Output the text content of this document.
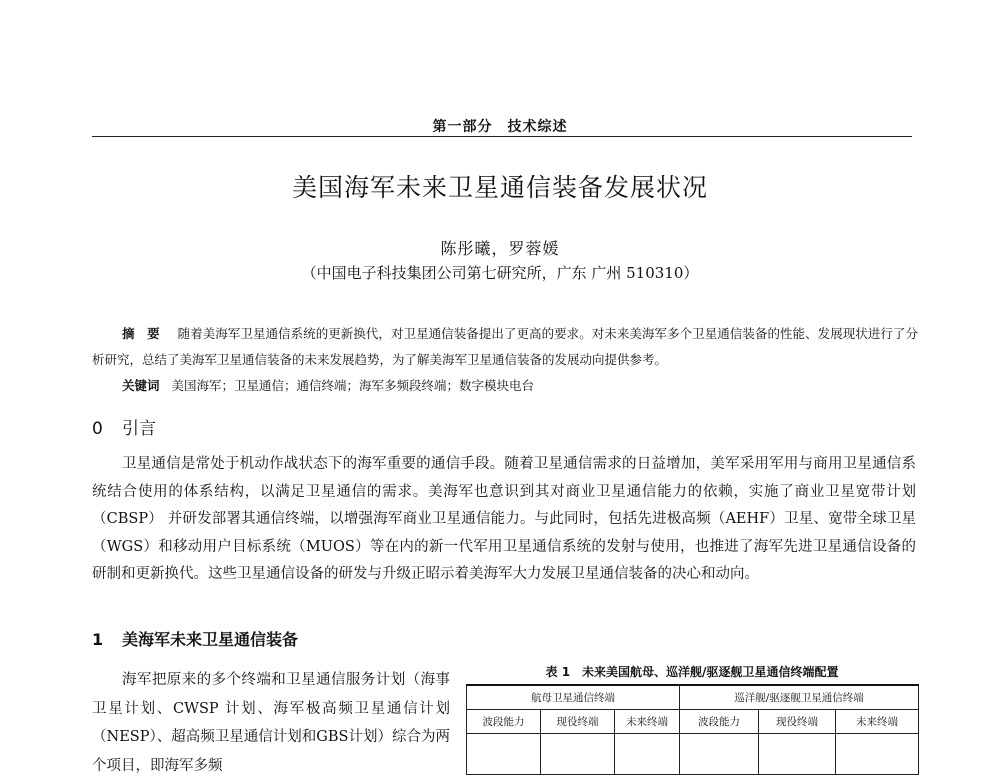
第一部分　技术综述
美国海军未来卫星通信装备发展状况
陈彤曦，罗蓉媛
（中国电子科技集团公司第七研究所，广东 广州 510310）

摘　要 随着美海军卫星通信系统的更新换代，对卫星通信装备提出了更高的要求。对未来美海军多个卫星通信装备的性能、发展现状进行了分析研究，总结了美海军卫星通信装备的未来发展趋势，为了解美海军卫星通信装备的发展动向提供参考。

关键词 美国海军；卫星通信；通信终端；海军多频段终端；数字模块电台
0 引言

卫星通信是常处于机动作战状态下的海军重要的通信手段。随着卫星通信需求的日益增加，美军采用军用与商用卫星通信系统结合使用的体系结构，以满足卫星通信的需求。美海军也意识到其对商业卫星通信能力的依赖，实施了商业卫星宽带计划（CBSP） 并研发部署其通信终端，以增强海军商业卫星通信能力。与此同时，包括先进极高频（AEHF）卫星、宽带全球卫星（WGS）和移动用户目标系统（MUOS）等在内的新一代军用卫星通信系统的发射与使用，也推进了海军先进卫星通信设备的研制和更新换代。这些卫星通信设备的研发与升级正昭示着美海军大力发展卫星通信装备的决心和动向。

1 美海军未来卫星通信装备

海军把原来的多个终端和卫星通信服务计划（海事卫星计划、CWSP 计划、海军极高频卫星通信计划（NESP）、超高频卫星通信计划和GBS计划）综合为两个项目，即海军多频

表 1　未来美国航母、巡洋舰/驱逐舰卫星通信终端配置
航母卫星通信终端			巡洋舰/驱逐舰卫星通信终端		
波段能力	现役终端	未来终端	波段能力	现役终端	未来终端
